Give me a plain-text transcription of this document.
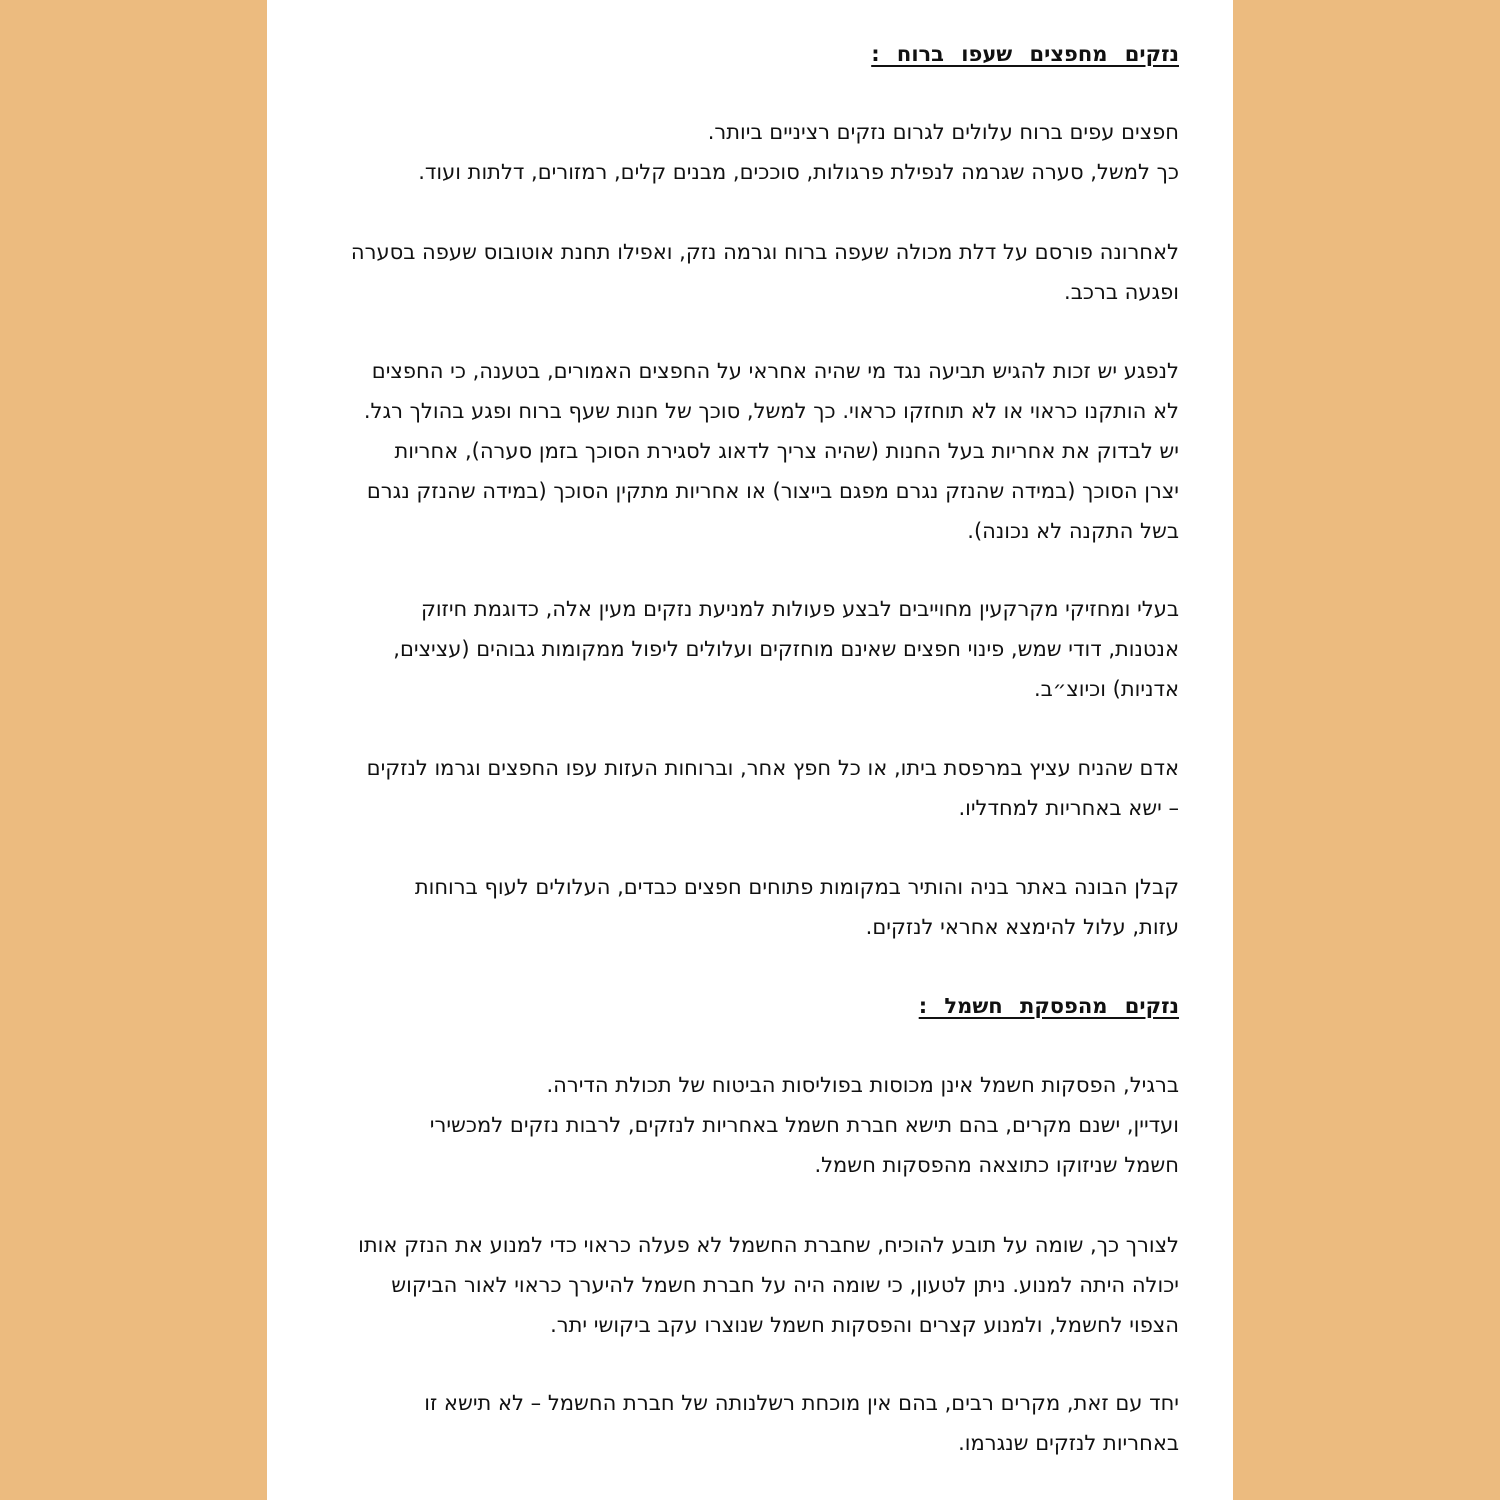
נזקים מחפצים שעפו ברוח :
חפצים עפים ברוח עלולים לגרום נזקים רציניים ביותר.
כך למשל, סערה שגרמה לנפילת פרגולות, סוככים, מבנים קלים, רמזורים, דלתות ועוד.
לאחרונה פורסם על דלת מכולה שעפה ברוח וגרמה נזק, ואפילו תחנת אוטובוס שעפה בסערה
ופגעה ברכב.
לנפגע יש זכות להגיש תביעה נגד מי שהיה אחראי על החפצים האמורים, בטענה, כי החפצים
לא הותקנו כראוי או לא תוחזקו כראוי. כך למשל, סוכך של חנות שעף ברוח ופגע בהולך רגל.
יש לבדוק את אחריות בעל החנות (שהיה צריך לדאוג לסגירת הסוכך בזמן סערה), אחריות
יצרן הסוכך (במידה שהנזק נגרם מפגם בייצור) או אחריות מתקין הסוכך (במידה שהנזק נגרם
בשל התקנה לא נכונה).
בעלי ומחזיקי מקרקעין מחוייבים לבצע פעולות למניעת נזקים מעין אלה, כדוגמת חיזוק
אנטנות, דודי שמש, פינוי חפצים שאינם מוחזקים ועלולים ליפול ממקומות גבוהים (עציצים,
אדניות) וכיוצ״ב.
אדם שהניח עציץ במרפסת ביתו, או כל חפץ אחר, וברוחות העזות עפו החפצים וגרמו לנזקים
– ישא באחריות למחדליו.
קבלן הבונה באתר בניה והותיר במקומות פתוחים חפצים כבדים, העלולים לעוף ברוחות
עזות, עלול להימצא אחראי לנזקים.
נזקים מהפסקת חשמל :
ברגיל, הפסקות חשמל אינן מכוסות בפוליסות הביטוח של תכולת הדירה.
ועדיין, ישנם מקרים, בהם תישא חברת חשמל באחריות לנזקים, לרבות נזקים למכשירי
חשמל שניזוקו כתוצאה מהפסקות חשמל.
לצורך כך, שומה על תובע להוכיח, שחברת החשמל לא פעלה כראוי כדי למנוע את הנזק אותו
יכולה היתה למנוע. ניתן לטעון, כי שומה היה על חברת חשמל להיערך כראוי לאור הביקוש
הצפוי לחשמל, ולמנוע קצרים והפסקות חשמל שנוצרו עקב ביקושי יתר.
יחד עם זאת, מקרים רבים, בהם אין מוכחת רשלנותה של חברת החשמל – לא תישא זו
באחריות לנזקים שנגרמו.
